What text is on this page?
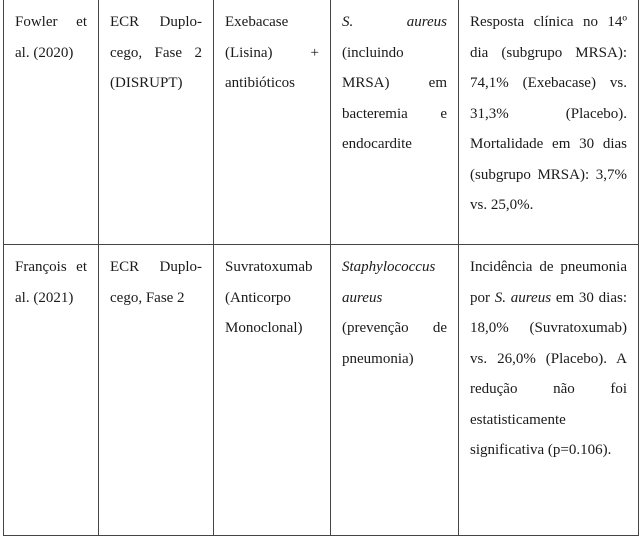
Fowler et al. (2020)	ECR Duplocego, Fase 2 (DISRUPT)	Exebacase (Lisina) + antibióticos	S. aureus (incluindo MRSA) em bacteremia e endocardite	Resposta clínica no 14º dia (subgrupo MRSA): 74,1% (Exebacase) vs. 31,3% (Placebo). Mortalidade em 30 dias (subgrupo MRSA): 3,7% vs. 25,0%.
François et al. (2021)	ECR Duplocego, Fase 2	Suvratoxumab (Anticorpo Monoclonal)	Staphylococcus aureus (prevenção de pneumonia)	Incidência de pneumonia por S. aureus em 30 dias: 18,0% (Suvratoxumab) vs. 26,0% (Placebo). A redução não foi estatisticamente significativa (p=0.106).
